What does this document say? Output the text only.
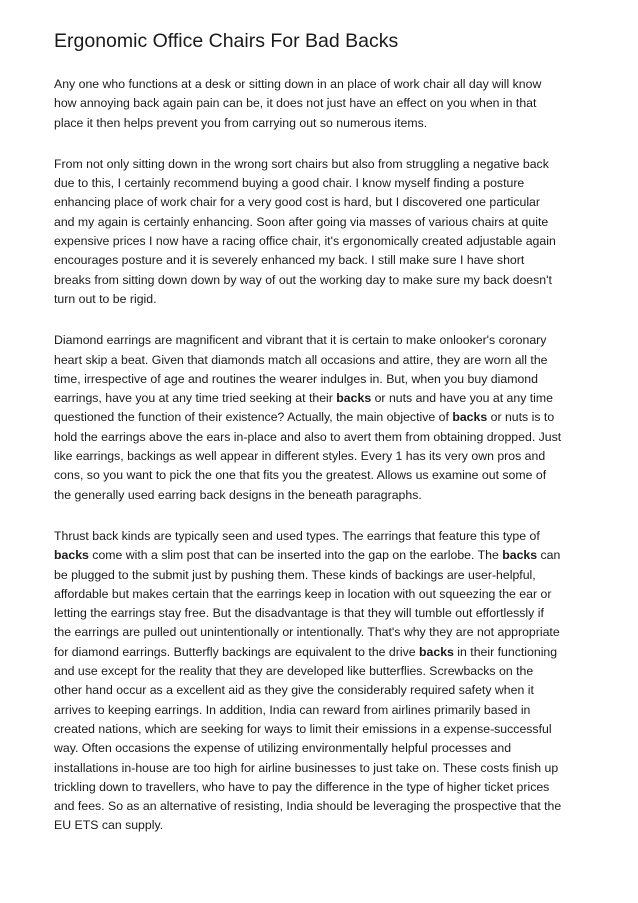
Ergonomic Office Chairs For Bad Backs

Any one who functions at a desk or sitting down in an place of work chair all day will know
how annoying back again pain can be, it does not just have an effect on you when in that
place it then helps prevent you from carrying out so numerous items.

From not only sitting down in the wrong sort chairs but also from struggling a negative back
due to this, I certainly recommend buying a good chair. I know myself finding a posture
enhancing place of work chair for a very good cost is hard, but I discovered one particular
and my again is certainly enhancing. Soon after going via masses of various chairs at quite
expensive prices I now have a racing office chair, it's ergonomically created adjustable again
encourages posture and it is severely enhanced my back. I still make sure I have short
breaks from sitting down down by way of out the working day to make sure my back doesn't
turn out to be rigid.

Diamond earrings are magnificent and vibrant that it is certain to make onlooker's coronary
heart skip a beat. Given that diamonds match all occasions and attire, they are worn all the
time, irrespective of age and routines the wearer indulges in. But, when you buy diamond
earrings, have you at any time tried seeking at their backs or nuts and have you at any time
questioned the function of their existence? Actually, the main objective of backs or nuts is to
hold the earrings above the ears in-place and also to avert them from obtaining dropped. Just
like earrings, backings as well appear in different styles. Every 1 has its very own pros and
cons, so you want to pick the one that fits you the greatest. Allows us examine out some of
the generally used earring back designs in the beneath paragraphs.

Thrust back kinds are typically seen and used types. The earrings that feature this type of
backs come with a slim post that can be inserted into the gap on the earlobe. The backs can
be plugged to the submit just by pushing them. These kinds of backings are user-helpful,
affordable but makes certain that the earrings keep in location with out squeezing the ear or
letting the earrings stay free. But the disadvantage is that they will tumble out effortlessly if
the earrings are pulled out unintentionally or intentionally. That's why they are not appropriate
for diamond earrings. Butterfly backings are equivalent to the drive backs in their functioning
and use except for the reality that they are developed like butterflies. Screwbacks on the
other hand occur as a excellent aid as they give the considerably required safety when it
arrives to keeping earrings. In addition, India can reward from airlines primarily based in
created nations, which are seeking for ways to limit their emissions in a expense-successful
way. Often occasions the expense of utilizing environmentally helpful processes and
installations in-house are too high for airline businesses to just take on. These costs finish up
trickling down to travellers, who have to pay the difference in the type of higher ticket prices
and fees. So as an alternative of resisting, India should be leveraging the prospective that the
EU ETS can supply.
